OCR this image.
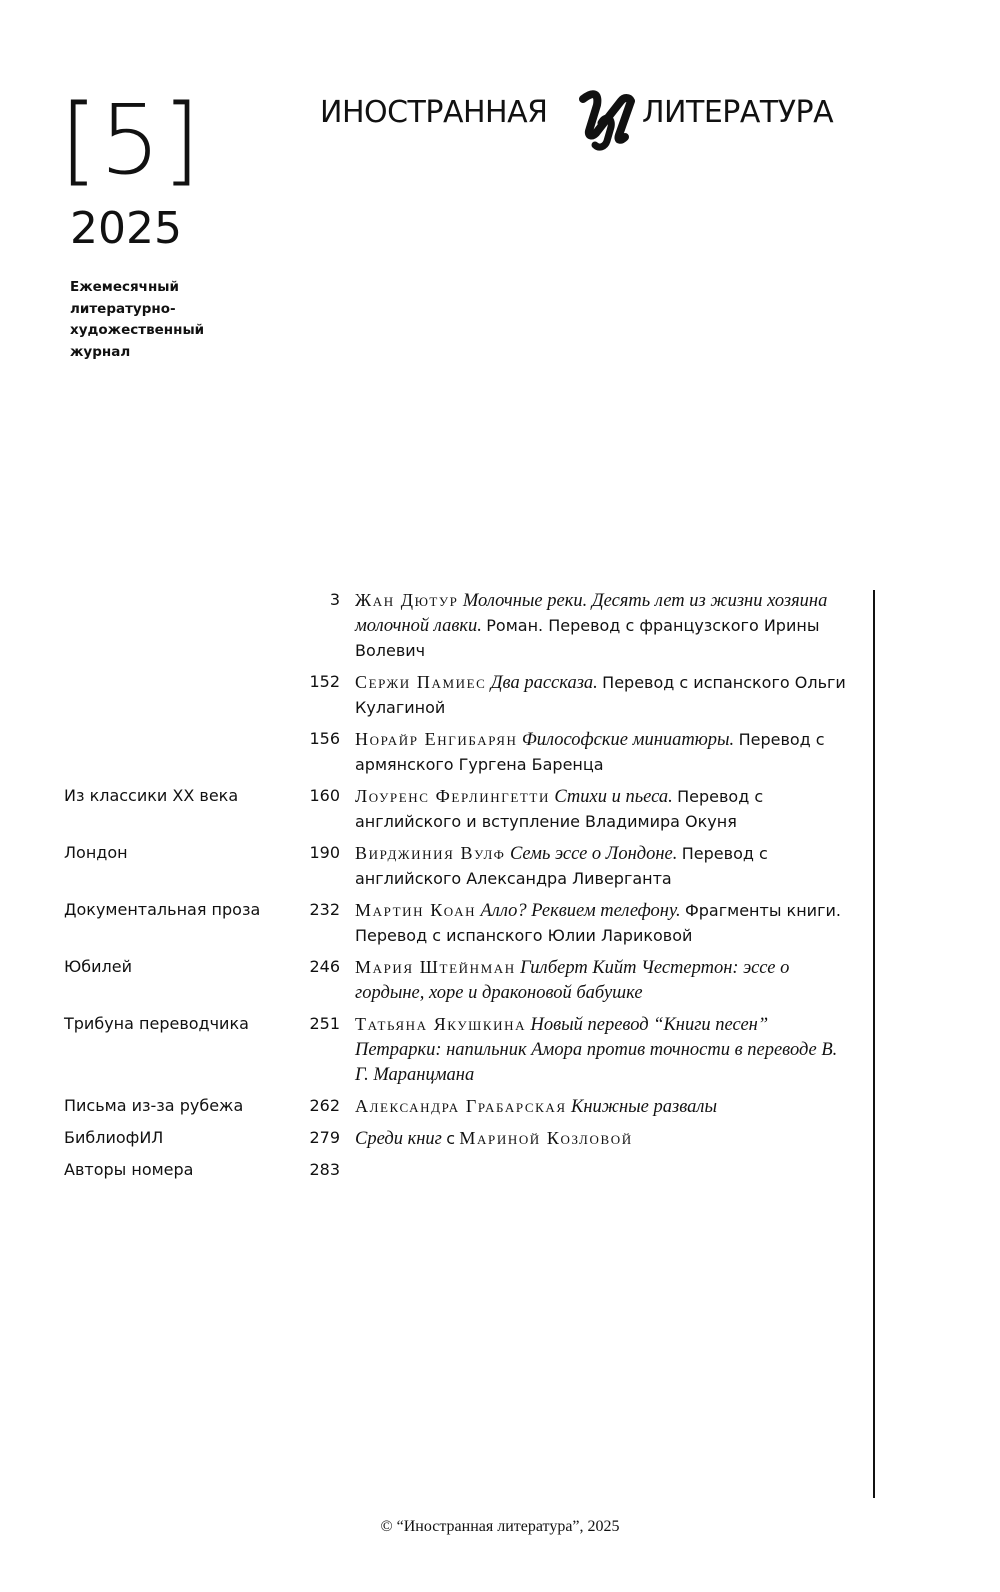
[5]
2025
Ежемесячный
литературно-
художественный
журнал
ИНОСТРАННАЯ	ЛИТЕРАТУРА
3 Жан Дютур Молочные реки. Десять лет из жизни хозяина молочной лавки. Роман. Перевод с французского Ирины Волевич
152 Сержи Памиес Два рассказа. Перевод с испанского Ольги Кулагиной
156 Норайр Енгибарян Философские миниатюры. Перевод с армянского Гургена Баренца
Из классики XX века	160 Лоуренс Ферлингетти Стихи и пьеса. Перевод с английского и вступление Владимира Окуня
Лондон	190 Вирджиния Вулф Семь эссе о Лондоне. Перевод с английского Александра Ливерганта
Документальная проза	232 Мартин Коан Алло? Реквием телефону. Фрагменты книги. Перевод с испанского Юлии Лариковой
Юбилей	246 Мария Штейнман Гилберт Кийт Честертон: эссе о гордыне, хоре и драконовой бабушке
Трибуна переводчика	251 Татьяна Якушкина Новый перевод “Книги песен” Петрарки: напильник Амора против точности в переводе В. Г. Маранцмана
Письма из-за рубежа	262 Александра Грабарская Книжные развалы
БиблиофИЛ	279 Среди книг с Мариной Козловой
Авторы номера	283
© “Иностранная литература”, 2025
